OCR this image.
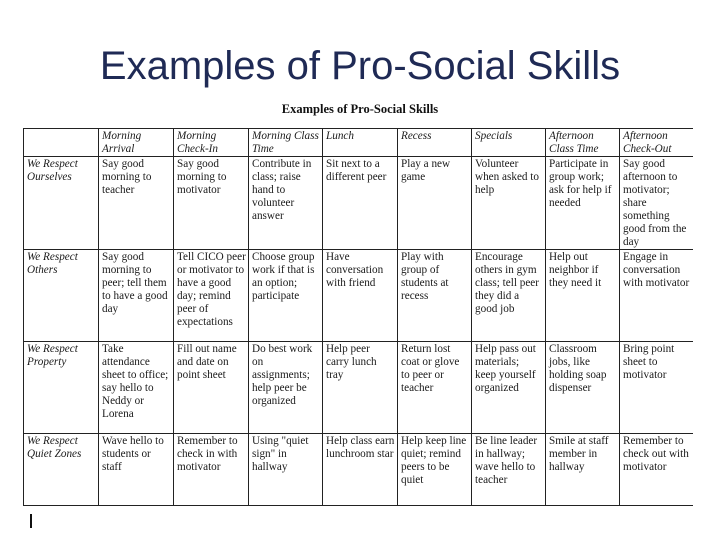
Examples of Pro-Social Skills
Examples of Pro-Social Skills
	Morning Arrival	Morning Check-In	Morning Class Time	Lunch	Recess	Specials	Afternoon Class Time	Afternoon Check-Out
We Respect Ourselves	Say good morning to teacher	Say good morning to motivator	Contribute in class; raise hand to volunteer answer	Sit next to a different peer	Play a new game	Volunteer when asked to help	Participate in group work; ask for help if needed	Say good afternoon to motivator; share something good from the day
We Respect Others	Say good morning to peer; tell them to have a good day	Tell CICO peer or motivator to have a good day; remind peer of expectations	Choose group work if that is an option; participate	Have conversation with friend	Play with group of students at recess	Encourage others in gym class; tell peer they did a good job	Help out neighbor if they need it	Engage in conversation with motivator
We Respect Property	Take attendance sheet to office; say hello to Neddy or Lorena	Fill out name and date on point sheet	Do best work on assignments; help peer be organized	Help peer carry lunch tray	Return lost coat or glove to peer or teacher	Help pass out materials; keep yourself organized	Classroom jobs, like holding soap dispenser	Bring point sheet to motivator
We Respect Quiet Zones	Wave hello to students or staff	Remember to check in with motivator	Using "quiet sign" in hallway	Help class earn lunchroom star	Help keep line quiet; remind peers to be quiet	Be line leader in hallway; wave hello to teacher	Smile at staff member in hallway	Remember to check out with motivator
